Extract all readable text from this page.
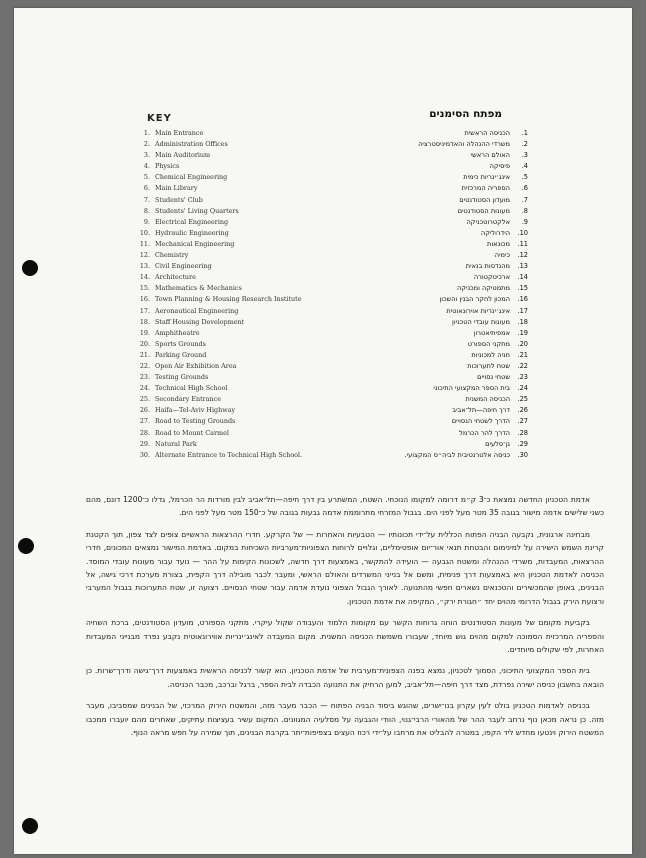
KEY	מפתח הסימנים
1. Main Entrance
2. Administration Offices
3. Main Auditorium
4. Physics
5. Chemical Engineering
6. Main Library
7. Students' Club
8. Students' Living Quarters
9. Electrical Engineering
10. Hydraulic Engineering
11. Mechanical Engineering
12. Chemistry
13. Civil Engineering
14. Architecture
15. Mathematics & Mechanics
16. Town Planning & Housing Research Institute
17. Aeronautical Engineering
18. Staff Housing Development
19. Amphitheatre
20. Sports Grounds
21. Parking Ground
22. Open Air Exhibition Area
23. Testing Grounds
24. Technical High School
25. Secondary Entrance
26. Haifa—Tel-Aviv Highway
27. Road to Testing Grounds
28. Road to Mount Carmel
29. Natural Park
30. Alternate Entrance to Technical High School.
1.הכניסה הראשית
2.משרדי ההנהלה והאדמיניסטרציה
3.האולם הראשי
4.פיסיקה
5.אינג׳ינריות כימית
6.הספריה המרכזית
7.מועדון הסטודנטים
8.מעונות הסטודנטים
9.אלקטרוטכניקה
10.הידרוליקה
11.מכונאות
12.כימיה
13.מהנדסות בנאית
14.ארכיטקטורה
15.מתמטיקה ומכניקה
16.המכון לחקר הבנין והשכון
17.אינג׳ינריות אוירונאוטית
18.מעונות עובדי הטכניון
19.אמפיתיאטרון
20.מתקני הספורט
21.חניה למכוניות
22.שטח לתערוכות
23.שטחי נסויים
24.בית הספר המקצועי התיכוני
25.הכניסה המשנית
26.דרך חיפה—תל־אביב
27.הדרך לשטחי הנסויים
28.הדרך להר הכרמל
29.גן־סלעים
30.כניסה אלטרנטיבית לביה״ס המקצועי.

אדמת הטכניון החדשה נמצאת כ־3 ק״מ דרומה למקומו הנוכחי. השטח, המשתרע בין דרך חיפה—תל־אביב לבין מורדות הר הכרמל, גדלו כ־1200 דונם, מהם כשני שלישים אדמה מישור בגובה 35 מטר מעל לפני הים. בגבול המזרחי מתרוממת אדמה גבעות בגובה של כ־150 מטר מעל לפני הים.

מבחינה ארגונית, נקבעה הבניה הפתוח הכללית על־ידי תכונותיו — הטבעיות והאחרות — של הקרקע. חדרי ההרצאות הראשיים צופים לצד צפון, תוך הקטנת קרינת השמש הישירה על למינימום והבטחת תנאי אור־יום אופטימליים, וגלויים לרוחות הצפוניות־מערביות השכיחות במקום. באדמת המישור נמצאים המכונים, חדרי ההרצאות, המעבדות, משרדי ההנהלה ומשטח הגבעה — הועידה להתקשר, באמצעות דרך חדשה, לשכונות הקימות על ההר — נועד עבור מעונות עובדי המוסד. הכניסה לאדמת הטכניון היא באמצעות דרך פנימית, ומשם אל בנייני המשרדים והאולם הראשי, ומעבר לכבר מובילה דרך הקפית, בצורת מערכת דרכי גישה, אל הבנינים, באופן שהמכשירים והטכנאים נשארים חפשי מהתנועה. לאורך הגבול הצפוני נועדת אדמה עבור שטחי הנסויים. רצועה זו, שטח התערוכות בגבול המערבי ורצועת הירק בגבול הדרומי מהוים יחד ״חגורת ירק״, המקיפה את אדמת הטכניון.

בקביעת מקומם של מעונות הסטודנטים הוחה גרוחות הקשר עם מקומות הלמוד והעבודה שקול עיקרי. מתקני הספורט, מועדון הסטודנטים, ברכת השחיה והספריה המרכזית הסמוכה למקום מהוים גוש מיוחד, שעבורו משמשת הכניסה המשנית. מקום המעבדה לאינג׳ינריות אווירונאוטית נקבע נפרד מבנייני המעבדות האחרות, לפי שקולים מיוחדים.

בית הספר המקצועי התיכוני, הסמוך לטכניון, נמצא בפנה הצפונית־מערבית של אדמת הטכניון. הוא קשור לכניסה הראשית באמצעות דרך־גישה ודרך־שרות. כן הובאה בחשבון כניסה ישירה נפרדת, מצד דרך חיפה—תל־אביב, למען הרחיק את התנועה הכבדה לבית הספר, ברגל וברכב, מכבר הכניסה.

בכניסה לאדמות הטכניון בולט לעין עקרון בנו־ישרים, שהוגש ביסוד הבניה הפתוח — הכבר מעבר מזה, והמשטח הירוק המרכזי, של הבנינים שמסביבו, מעבר מזה. כן נראה מכאן נוף נרחב לעבר ההר של מהאורי הרבי־גנוי, הוודי והגבעה על מסלעיה המגוונים. המקום עשיר בעציצות עתיקים, שאחרים מהם יועברו ממכבו המשטח הירוק וינטעו מחדש ליד הקפו, במטרה להבליט את מרחבו על־ידי רכוז העצים בצפיפות־יתר בקרבת הבנינים, תוך שמירה על חפש מראה הנוף.
